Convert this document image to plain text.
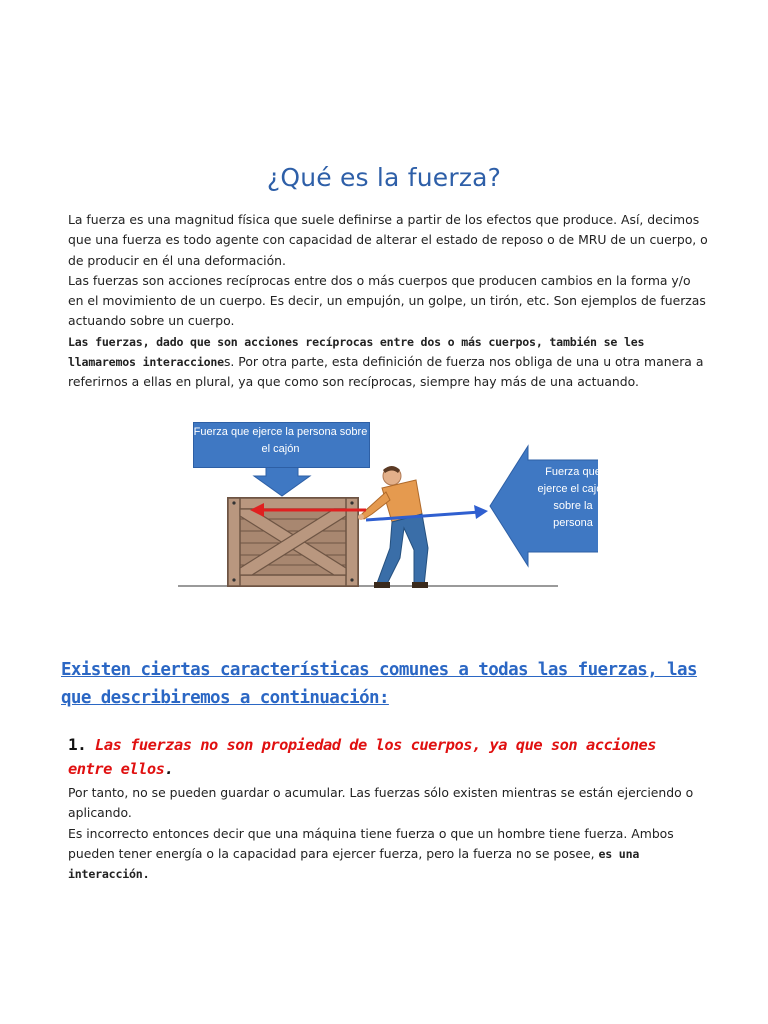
¿Qué es la fuerza?

La fuerza es una magnitud física que suele definirse a partir de los efectos que produce. Así, decimos que una fuerza es todo agente con capacidad de alterar el estado de reposo o de MRU de un cuerpo, o de producir en él una deformación.

Las fuerzas son acciones recíprocas entre dos o más cuerpos que producen cambios en la forma y/o en el movimiento de un cuerpo. Es decir, un empujón, un golpe, un tirón, etc. Son ejemplos de fuerzas actuando sobre un cuerpo.

Las fuerzas, dado que son acciones recíprocas entre dos o más cuerpos, también se les llamaremos interacciones. Por otra parte, esta definición de fuerza nos obliga de una u otra manera a referirnos a ellas en plural, ya que como son recíprocas, siempre hay más de una actuando.

Fuerza que ejerce la persona sobre el cajón
Fuerza que ejerce el cajón sobre la persona
Existen ciertas características comunes a todas las fuerzas, las que describiremos a continuación:
1. Las fuerzas no son propiedad de los cuerpos, ya que son acciones entre ellos.

Por tanto, no se pueden guardar o acumular. Las fuerzas sólo existen mientras se están ejerciendo o aplicando.

Es incorrecto entonces decir que una máquina tiene fuerza o que un hombre tiene fuerza. Ambos pueden tener energía o la capacidad para ejercer fuerza, pero la fuerza no se posee, es una interacción.
